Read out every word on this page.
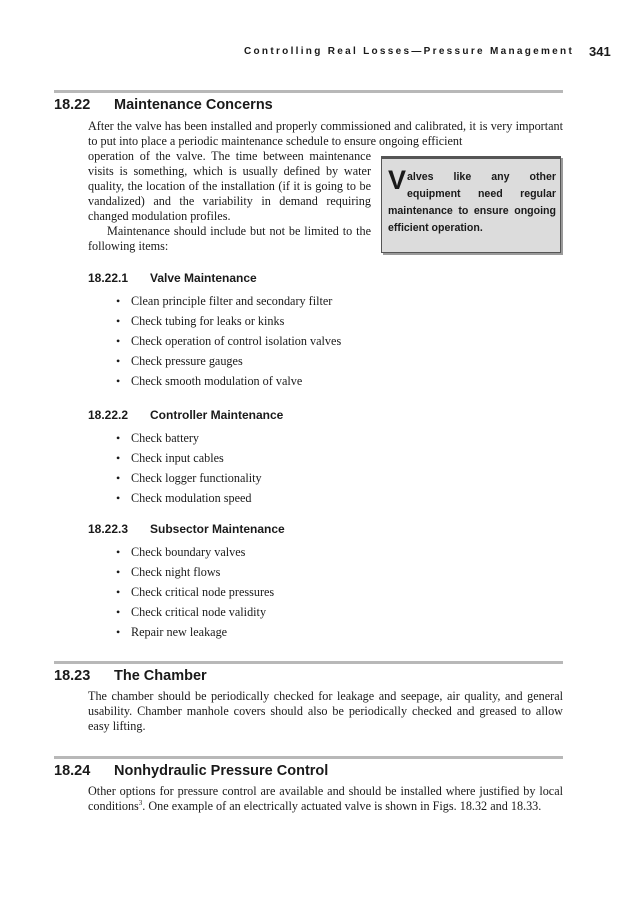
Controlling Real Losses—Pressure Management 341
18.22 Maintenance Concerns

After the valve has been installed and properly commissioned and calibrated, it is very important to put into place a periodic maintenance schedule to ensure ongoing efficient

operation of the valve. The time between maintenance visits is something, which is usually defined by water quality, the location of the installation (if it is going to be vandalized) and the variability in demand requiring changed modulation profiles.

Maintenance should include but not be limited to the following items:

Valves like any other equipment need regular maintenance to ensure ongoing efficient operation.
18.22.1 Valve Maintenance
• Clean principle filter and secondary filter
• Check tubing for leaks or kinks
• Check operation of control isolation valves
• Check pressure gauges
• Check smooth modulation of valve
18.22.2 Controller Maintenance
• Check battery
• Check input cables
• Check logger functionality
• Check modulation speed
18.22.3 Subsector Maintenance
• Check boundary valves
• Check night flows
• Check critical node pressures
• Check critical node validity
• Repair new leakage
18.23 The Chamber

The chamber should be periodically checked for leakage and seepage, air quality, and general usability. Chamber manhole covers should also be periodically checked and greased to allow easy lifting.

18.24 Nonhydraulic Pressure Control

Other options for pressure control are available and should be installed where justified by local conditions$^3$. One example of an electrically actuated valve is shown in Figs. 18.32 and 18.33.
